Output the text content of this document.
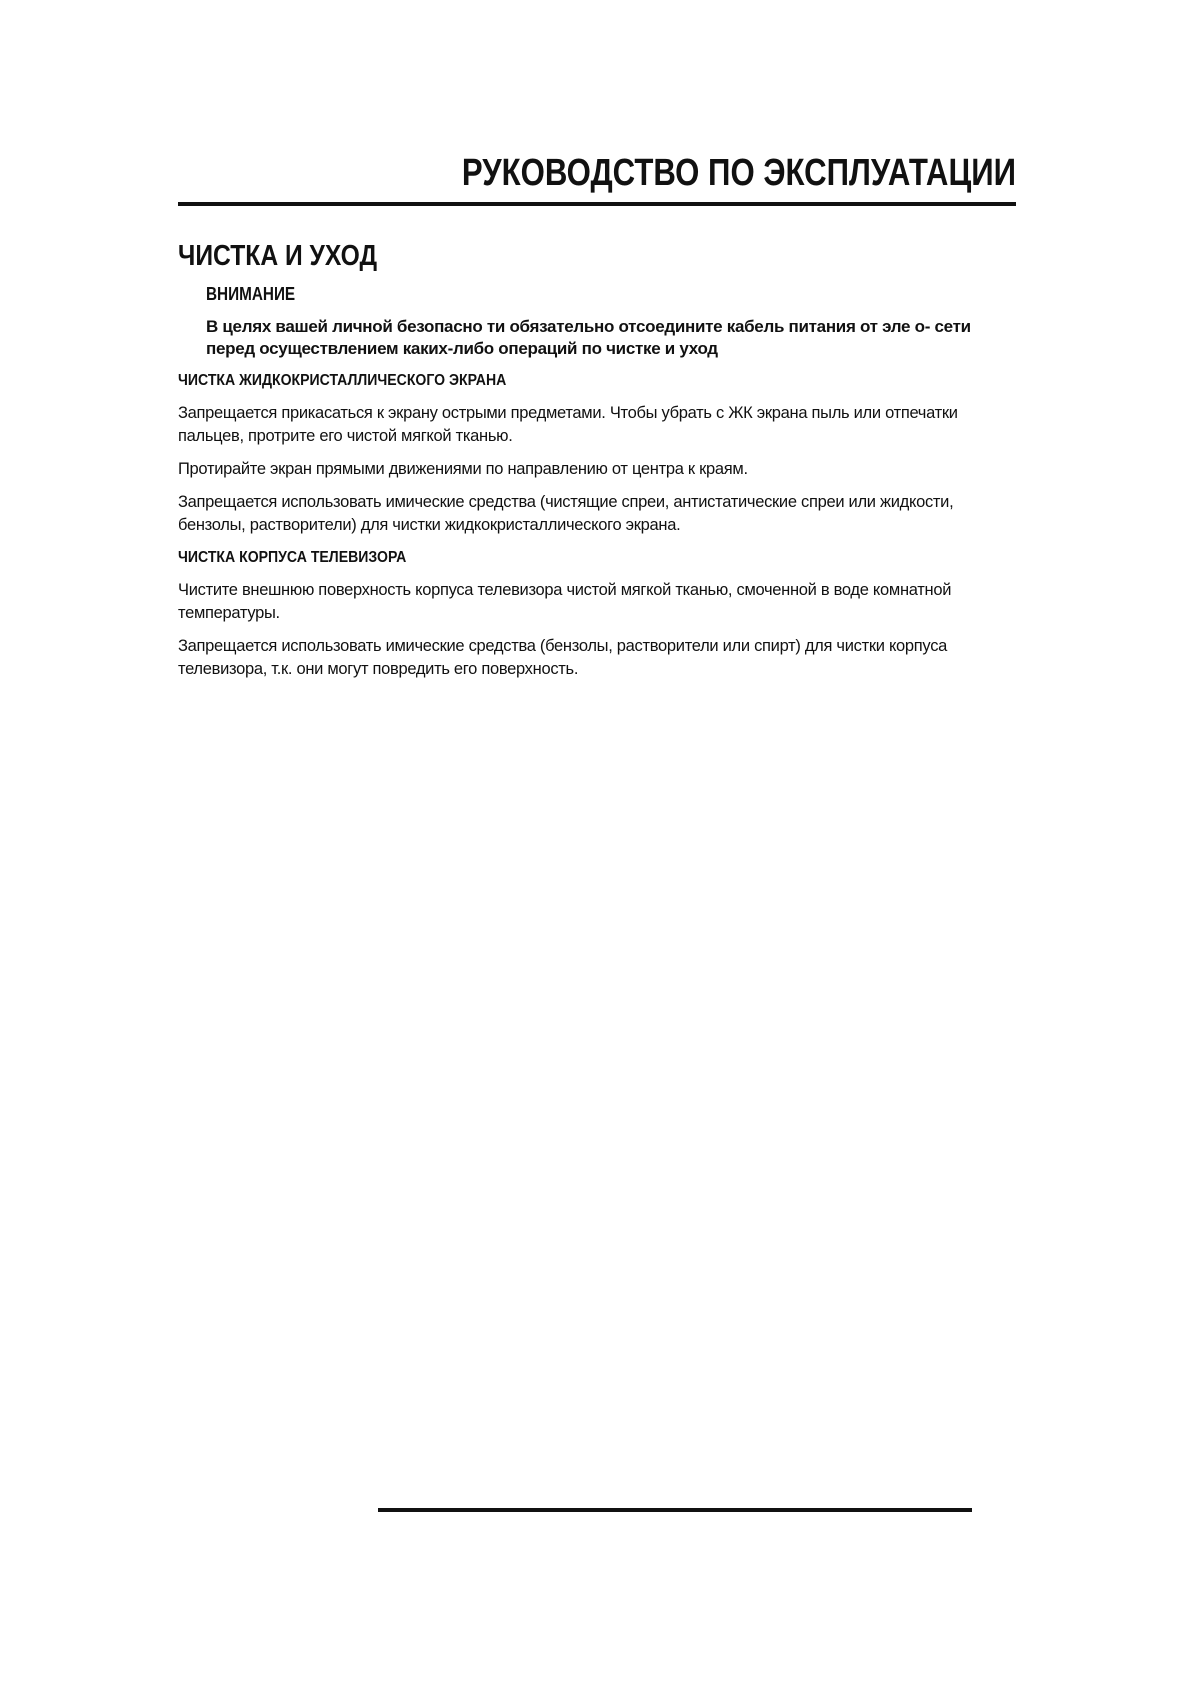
РУКОВОДСТВО ПО ЭКСПЛУАТАЦИИ
ЧИСТКА И УХОД
ВНИМАНИЕ

В целях вашей личной безопасно ти обязательно отсоедините кабель питания от эле о- сети перед осуществлением каких-либо операций по чистке и уход

ЧИСТКА ЖИДКОКРИСТАЛЛИЧЕСКОГО ЭКРАНА

Запрещается прикасаться к экрану острыми предметами. Чтобы убрать с ЖК экрана пыль или отпечатки пальцев, протрите его чистой мягкой тканью.

Протирайте экран прямыми движениями по направлению от центра к краям.

Запрещается использовать имические средства (чистящие спреи, антистатические спреи или жидкости, бензолы, растворители) для чистки жидкокристаллического экрана.

ЧИСТКА КОРПУСА ТЕЛЕВИЗОРА

Чистите внешнюю поверхность корпуса телевизора чистой мягкой тканью, смоченной в воде комнатной температуры.

Запрещается использовать имические средства (бензолы, растворители или спирт) для чистки корпуса телевизора, т.к. они могут повредить его поверхность.
